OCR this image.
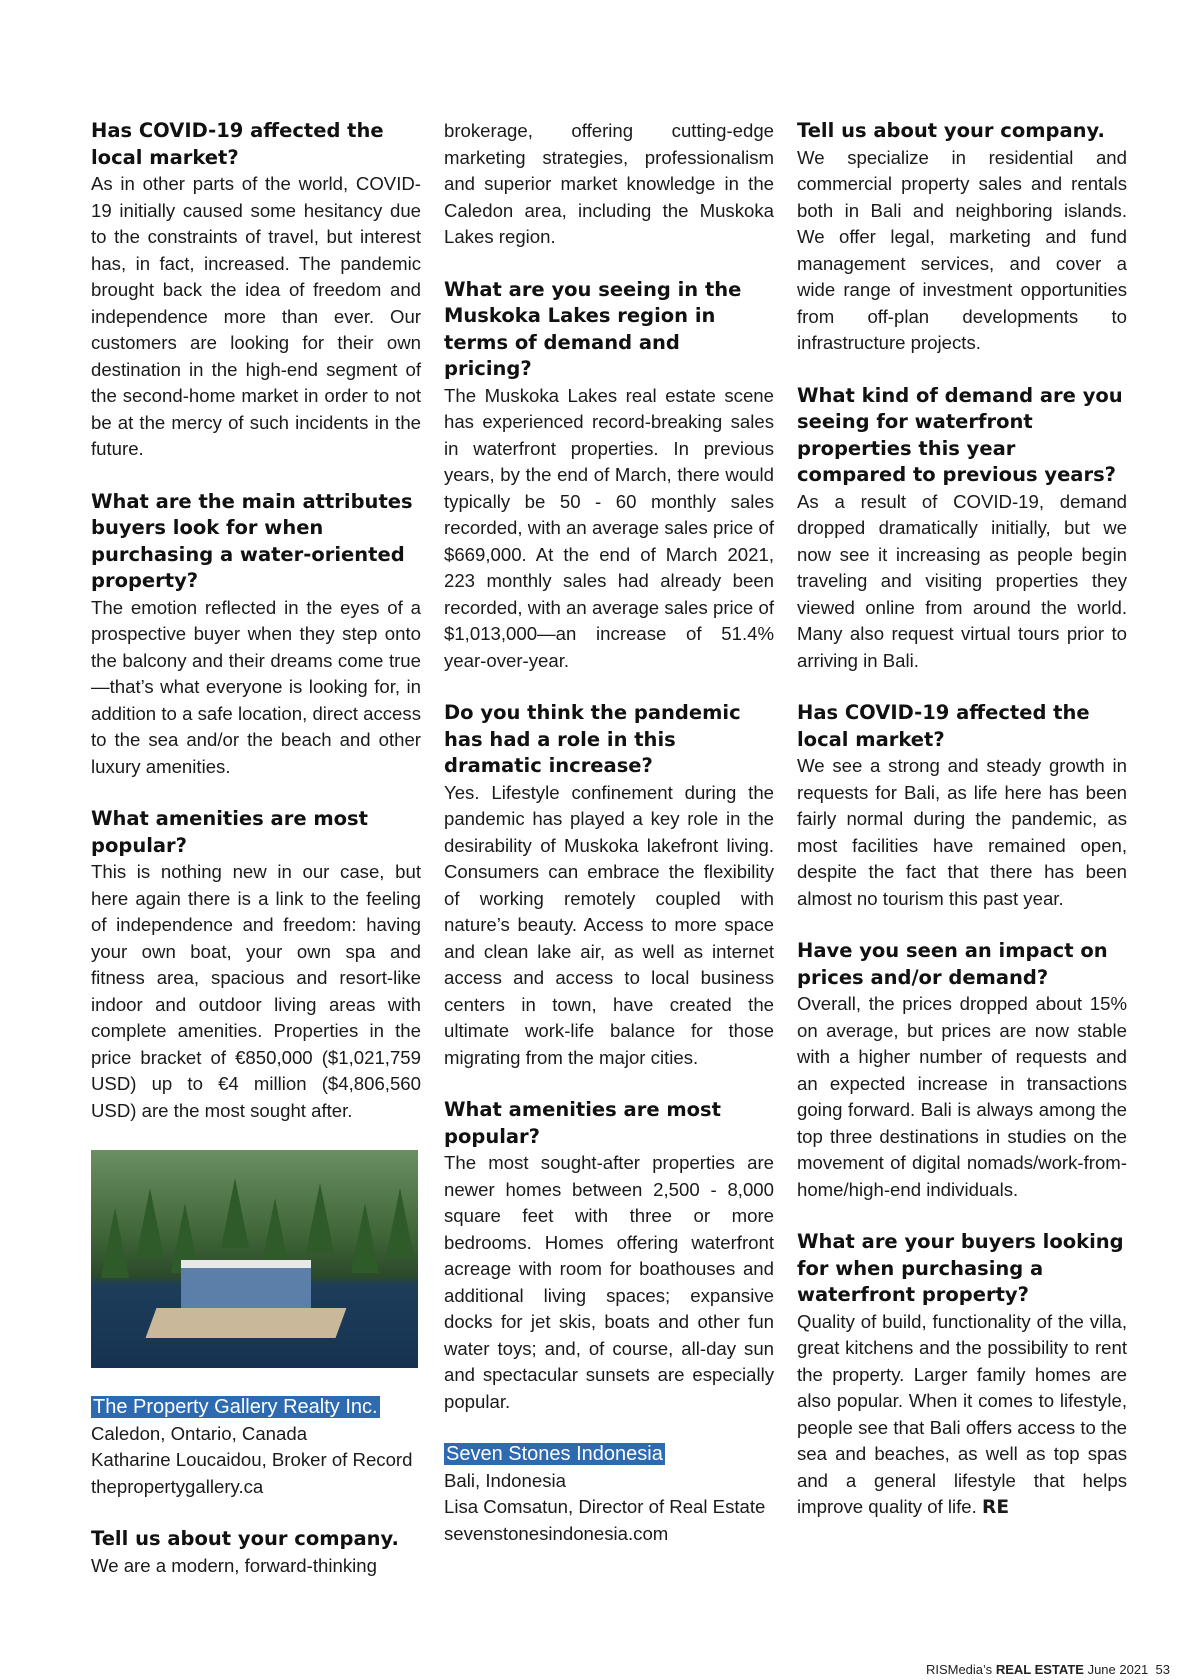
Has COVID-19 affected the local market?

As in other parts of the world, COVID-19 initially caused some hesitancy due to the constraints of travel, but interest has, in fact, increased. The pandemic brought back the idea of freedom and independence more than ever. Our customers are looking for their own destination in the high-end segment of the second-home market in order to not be at the mercy of such incidents in the future.

What are the main attributes buyers look for when purchasing a water-oriented property?

The emotion reflected in the eyes of a prospective buyer when they step onto the balcony and their dreams come true—that’s what everyone is looking for, in addition to a safe location, direct access to the sea and/or the beach and other luxury amenities.

What amenities are most popular?

This is nothing new in our case, but here again there is a link to the feeling of independence and freedom: having your own boat, your own spa and fitness area, spacious and resort-like indoor and outdoor living areas with complete amenities. Properties in the price bracket of €850,000 ($1,021,759 USD) up to €4 million ($4,806,560 USD) are the most sought after.

The Property Gallery Realty Inc.
Caledon, Ontario, Canada
Katharine Loucaidou, Broker of Record
thepropertygallery.ca
Tell us about your company.

We are a modern, forward-thinking

brokerage, offering cutting-edge marketing strategies, professionalism and superior market knowledge in the Caledon area, including the Muskoka Lakes region.

What are you seeing in the Muskoka Lakes region in terms of demand and pricing?

The Muskoka Lakes real estate scene has experienced record-breaking sales in waterfront properties. In previous years, by the end of March, there would typically be 50 - 60 monthly sales recorded, with an average sales price of $669,000. At the end of March 2021, 223 monthly sales had already been recorded, with an average sales price of $1,013,000—an increase of 51.4% year-over-year.

Do you think the pandemic has had a role in this dramatic increase?

Yes. Lifestyle confinement during the pandemic has played a key role in the desirability of Muskoka lakefront living. Consumers can embrace the flexibility of working remotely coupled with nature’s beauty. Access to more space and clean lake air, as well as internet access and access to local business centers in town, have created the ultimate work-life balance for those migrating from the major cities.

What amenities are most popular?

The most sought-after properties are newer homes between 2,500 - 8,000 square feet with three or more bedrooms. Homes offering waterfront acreage with room for boathouses and additional living spaces; expansive docks for jet skis, boats and other fun water toys; and, of course, all-day sun and spectacular sunsets are especially popular.

Seven Stones Indonesia
Bali, Indonesia
Lisa Comsatun, Director of Real Estate
sevenstonesindonesia.com
Tell us about your company.

We specialize in residential and commercial property sales and rentals both in Bali and neighboring islands. We offer legal, marketing and fund management services, and cover a wide range of investment opportunities from off-plan developments to infrastructure projects.

What kind of demand are you seeing for waterfront properties this year compared to previous years?

As a result of COVID-19, demand dropped dramatically initially, but we now see it increasing as people begin traveling and visiting properties they viewed online from around the world. Many also request virtual tours prior to arriving in Bali.

Has COVID-19 affected the local market?

We see a strong and steady growth in requests for Bali, as life here has been fairly normal during the pandemic, as most facilities have remained open, despite the fact that there has been almost no tourism this past year.

Have you seen an impact on prices and/or demand?

Overall, the prices dropped about 15% on average, but prices are now stable with a higher number of requests and an expected increase in transactions going forward. Bali is always among the top three destinations in studies on the movement of digital nomads/work-from-home/high-end individuals.

What are your buyers looking for when purchasing a waterfront property?

Quality of build, functionality of the villa, great kitchens and the possibility to rent the property. Larger family homes are also popular. When it comes to lifestyle, people see that Bali offers access to the sea and beaches, as well as top spas and a general lifestyle that helps improve quality of life. RE

RISMedia’s REAL ESTATE June 2021 53
